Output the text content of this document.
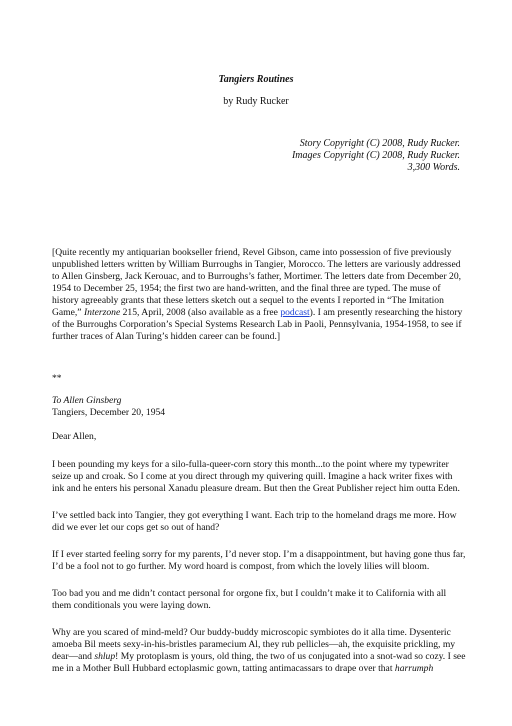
Tangiers Routines
by Rudy Rucker
Story Copyright (C) 2008, Rudy Rucker.
Images Copyright (C) 2008, Rudy Rucker.
3,300 Words.

[Quite recently my antiquarian bookseller friend, Revel Gibson, came into possession of five previously unpublished letters written by William Burroughs in Tangier, Morocco. The letters are variously addressed to Allen Ginsberg, Jack Kerouac, and to Burroughs’s father, Mortimer. The letters date from December 20, 1954 to December 25, 1954; the first two are hand-written, and the final three are typed. The muse of history agreeably grants that these letters sketch out a sequel to the events I reported in “The Imitation Game,” Interzone 215, April, 2008 (also available as a free podcast). I am presently researching the history of the Burroughs Corporation’s Special Systems Research Lab in Paoli, Pennsylvania, 1954-1958, to see if further traces of Alan Turing’s hidden career can be found.]

**
To Allen Ginsberg
Tangiers, December 20, 1954
Dear Allen,

I been pounding my keys for a silo-fulla-queer-corn story this month...to the point where my typewriter seize up and croak. So I come at you direct through my quivering quill. Imagine a hack writer fixes with ink and he enters his personal Xanadu pleasure dream. But then the Great Publisher reject him outta Eden.

I’ve settled back into Tangier, they got everything I want. Each trip to the homeland drags me more. How did we ever let our cops get so out of hand?

If I ever started feeling sorry for my parents, I’d never stop. I’m a disappointment, but having gone thus far, I’d be a fool not to go further. My word hoard is compost, from which the lovely lilies will bloom.

Too bad you and me didn’t contact personal for orgone fix, but I couldn’t make it to California with all them conditionals you were laying down.

Why are you scared of mind-meld? Our buddy-buddy microscopic symbiotes do it alla time. Dysenteric amoeba Bil meets sexy-in-his-bristles paramecium Al, they rub pellicles—ah, the exquisite prickling, my dear—and shlup! My protoplasm is yours, old thing, the two of us conjugated into a snot-wad so cozy. I see me in a Mother Bull Hubbard ectoplasmic gown, tatting antimacassars to drape over that harrumph
